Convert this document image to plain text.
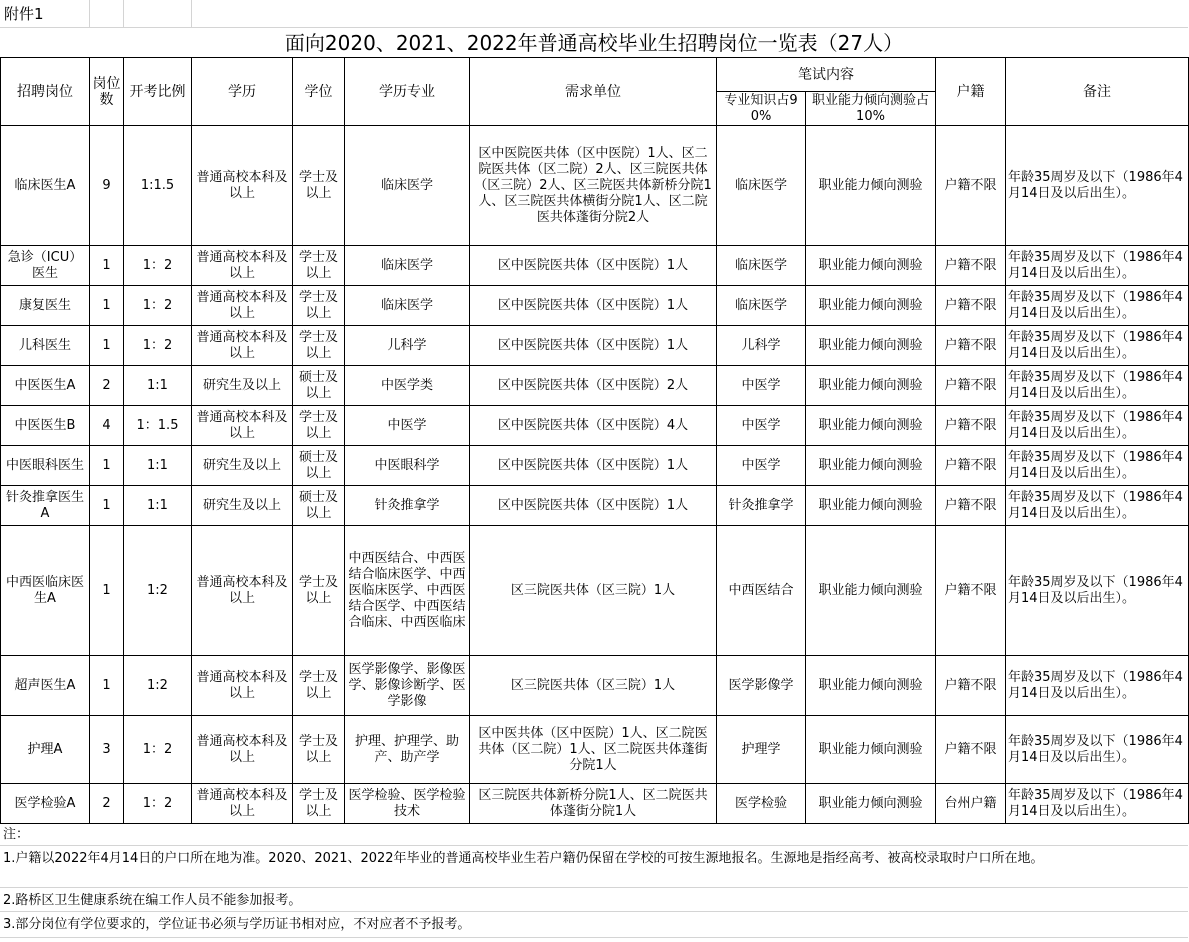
附件1
面向2020、2021、2022年普通高校毕业生招聘岗位一览表（27人）
招聘岗位	岗位数	开考比例	学历	学位	学历专业	需求单位	笔试内容		户籍	备注
							专业知识占90%	职业能力倾向测验占10%		
临床医生A	9	1:1.5	普通高校本科及以上	学士及以上	临床医学	区中医院医共体（区中医院）1人、区二院医共体（区二院）2人、区三院医共体（区三院）2人、区三院医共体新桥分院1人、区三院医共体横街分院1人、区二院医共体蓬街分院2人	临床医学	职业能力倾向测验	户籍不限	年龄35周岁及以下（1986年4月14日及以后出生）。
急诊（ICU）医生	1	1：2	普通高校本科及以上	学士及以上	临床医学	区中医院医共体（区中医院）1人	临床医学	职业能力倾向测验	户籍不限	年龄35周岁及以下（1986年4月14日及以后出生）。
康复医生	1	1：2	普通高校本科及以上	学士及以上	临床医学	区中医院医共体（区中医院）1人	临床医学	职业能力倾向测验	户籍不限	年龄35周岁及以下（1986年4月14日及以后出生）。
儿科医生	1	1：2	普通高校本科及以上	学士及以上	儿科学	区中医院医共体（区中医院）1人	儿科学	职业能力倾向测验	户籍不限	年龄35周岁及以下（1986年4月14日及以后出生）。
中医医生A	2	1:1	研究生及以上	硕士及以上	中医学类	区中医院医共体（区中医院）2人	中医学	职业能力倾向测验	户籍不限	年龄35周岁及以下（1986年4月14日及以后出生）。
中医医生B	4	1：1.5	普通高校本科及以上	学士及以上	中医学	区中医院医共体（区中医院）4人	中医学	职业能力倾向测验	户籍不限	年龄35周岁及以下（1986年4月14日及以后出生）。
中医眼科医生	1	1:1	研究生及以上	硕士及以上	中医眼科学	区中医院医共体（区中医院）1人	中医学	职业能力倾向测验	户籍不限	年龄35周岁及以下（1986年4月14日及以后出生）。
针灸推拿医生A	1	1:1	研究生及以上	硕士及以上	针灸推拿学	区中医院医共体（区中医院）1人	针灸推拿学	职业能力倾向测验	户籍不限	年龄35周岁及以下（1986年4月14日及以后出生）。
中西医临床医生A	1	1:2	普通高校本科及以上	学士及以上	中西医结合、中西医结合临床医学、中西医临床医学、中西医结合医学、中西医结合临床、中西医临床	区三院医共体（区三院）1人	中西医结合	职业能力倾向测验	户籍不限	年龄35周岁及以下（1986年4月14日及以后出生）。
超声医生A	1	1:2	普通高校本科及以上	学士及以上	医学影像学、影像医学、影像诊断学、医学影像	区三院医共体（区三院）1人	医学影像学	职业能力倾向测验	户籍不限	年龄35周岁及以下（1986年4月14日及以后出生）。
护理A	3	1：2	普通高校本科及以上	学士及以上	护理、护理学、助产、助产学	区中医共体（区中医院）1人、区二院医共体（区二院）1人、区二院医共体蓬街分院1人	护理学	职业能力倾向测验	户籍不限	年龄35周岁及以下（1986年4月14日及以后出生）。
医学检验A	2	1：2	普通高校本科及以上	学士及以上	医学检验、医学检验技术	区三院医共体新桥分院1人、区二院医共体蓬街分院1人	医学检验	职业能力倾向测验	台州户籍	年龄35周岁及以下（1986年4月14日及以后出生）。
注：
1.户籍以2022年4月14日的户口所在地为准。2020、2021、2022年毕业的普通高校毕业生若户籍仍保留在学校的可按生源地报名。生源地是指经高考、被高校录取时户口所在地。
2.路桥区卫生健康系统在编工作人员不能参加报考。
3.部分岗位有学位要求的，学位证书必须与学历证书相对应，不对应者不予报考。
